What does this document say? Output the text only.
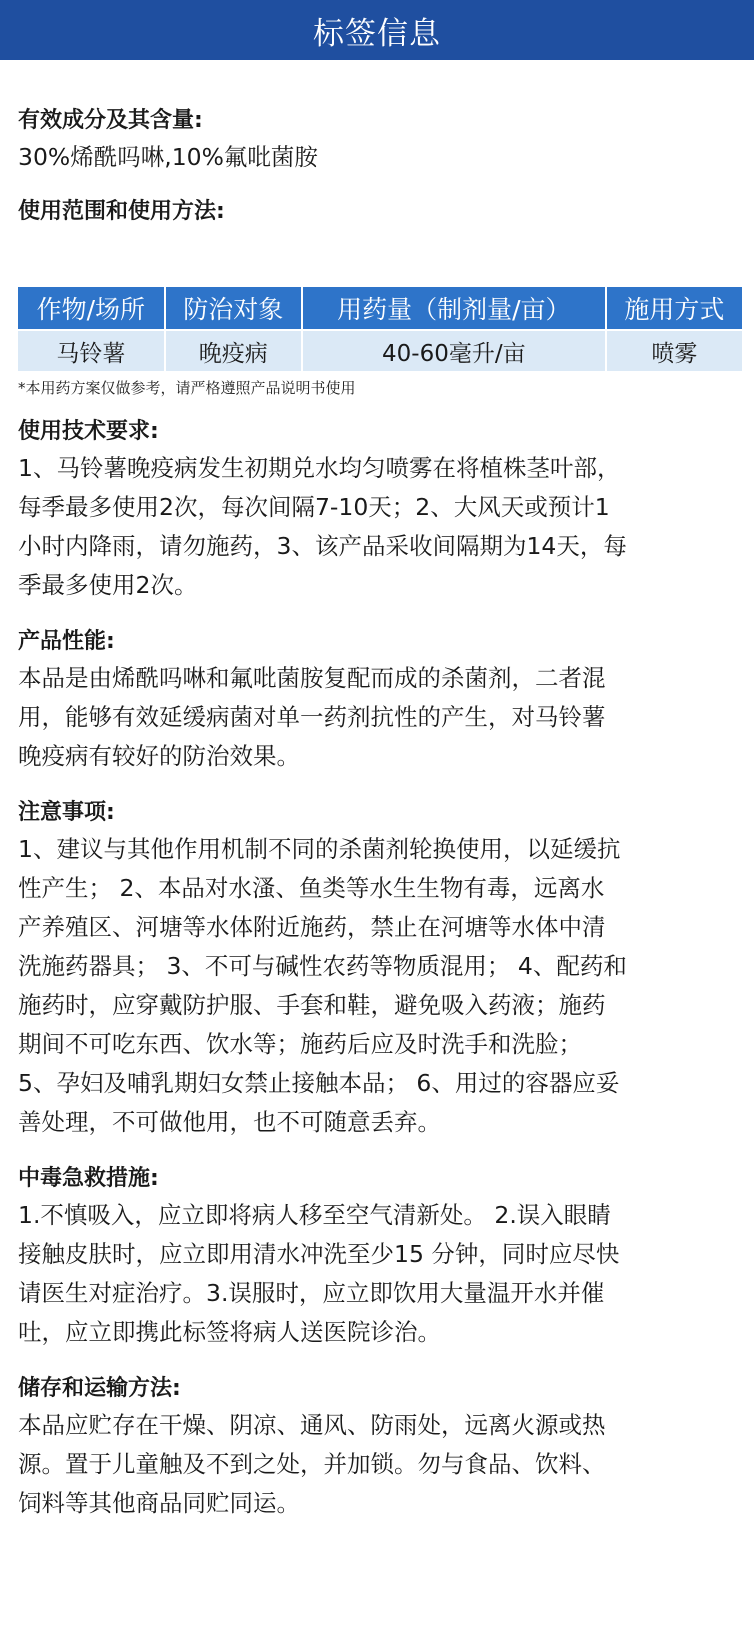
标签信息

有效成分及其含量:

30%烯酰吗啉,10%氟吡菌胺

使用范围和使用方法:

作物/场所	防治对象	用药量（制剂量/亩）	施用方式
马铃薯	晚疫病	40-60毫升/亩	喷雾

*本用药方案仅做参考，请严格遵照产品说明书使用

使用技术要求:

1、马铃薯晚疫病发生初期兑水均匀喷雾在将植株茎叶部，

每季最多使用2次，每次间隔7-10天；2、大风天或预计1

小时内降雨，请勿施药，3、该产品采收间隔期为14天，每

季最多使用2次。

产品性能:

本品是由烯酰吗啉和氟吡菌胺复配而成的杀菌剂，二者混

用，能够有效延缓病菌对单一药剂抗性的产生，对马铃薯

晚疫病有较好的防治效果。

注意事项:

1、建议与其他作用机制不同的杀菌剂轮换使用，以延缓抗

性产生； 2、本品对水溞、鱼类等水生生物有毒，远离水

产养殖区、河塘等水体附近施药，禁止在河塘等水体中清

洗施药器具； 3、不可与碱性农药等物质混用； 4、配药和

施药时，应穿戴防护服、手套和鞋，避免吸入药液；施药

期间不可吃东西、饮水等；施药后应及时洗手和洗脸；

5、孕妇及哺乳期妇女禁止接触本品； 6、用过的容器应妥

善处理，不可做他用，也不可随意丢弃。

中毒急救措施:

1.不慎吸入，应立即将病人移至空气清新处。 2.误入眼睛

接触皮肤时，应立即用清水冲洗至少15 分钟，同时应尽快

请医生对症治疗。3.误服时，应立即饮用大量温开水并催

吐，应立即携此标签将病人送医院诊治。

储存和运输方法:

本品应贮存在干燥、阴凉、通风、防雨处，远离火源或热

源。置于儿童触及不到之处，并加锁。勿与食品、饮料、

饲料等其他商品同贮同运。
